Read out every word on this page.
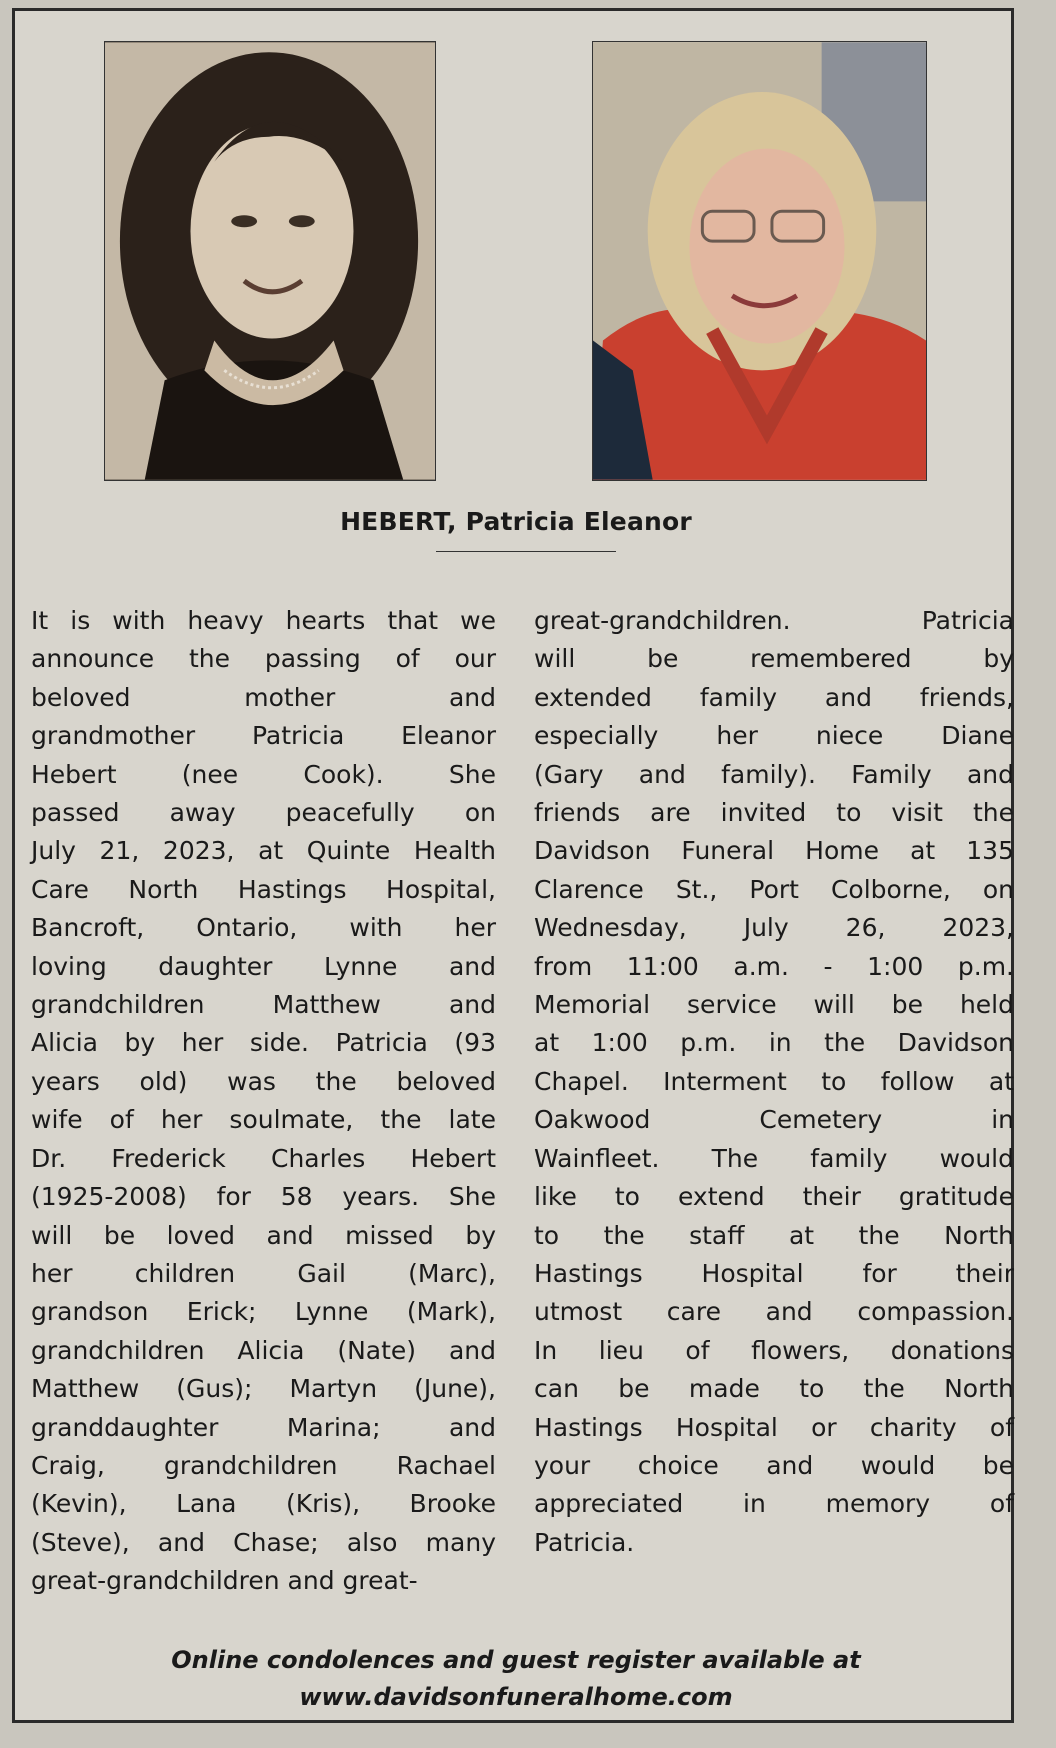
HEBERT, Patricia Eleanor
It is with heavy hearts that we
announce the passing of our
beloved mother and
grandmother Patricia Eleanor
Hebert (nee Cook). She
passed away peacefully on
July 21, 2023, at Quinte Health
Care North Hastings Hospital,
Bancroft, Ontario, with her
loving daughter Lynne and
grandchildren Matthew and
Alicia by her side. Patricia (93
years old) was the beloved
wife of her soulmate, the late
Dr. Frederick Charles Hebert
(1925-2008) for 58 years. She
will be loved and missed by
her children Gail (Marc),
grandson Erick; Lynne (Mark),
grandchildren Alicia (Nate) and
Matthew (Gus); Martyn (June),
granddaughter Marina; and
Craig, grandchildren Rachael
(Kevin), Lana (Kris), Brooke
(Steve), and Chase; also many
great-grandchildren and great-
great-grandchildren. Patricia
will be remembered by
extended family and friends,
especially her niece Diane
(Gary and family). Family and
friends are invited to visit the
Davidson Funeral Home at 135
Clarence St., Port Colborne, on
Wednesday, July 26, 2023,
from 11:00 a.m. - 1:00 p.m.
Memorial service will be held
at 1:00 p.m. in the Davidson
Chapel. Interment to follow at
Oakwood Cemetery in
Wainfleet. The family would
like to extend their gratitude
to the staff at the North
Hastings Hospital for their
utmost care and compassion.
In lieu of flowers, donations
can be made to the North
Hastings Hospital or charity of
your choice and would be
appreciated in memory of
Patricia.
Online condolences and guest register available at
www.davidsonfuneralhome.com
